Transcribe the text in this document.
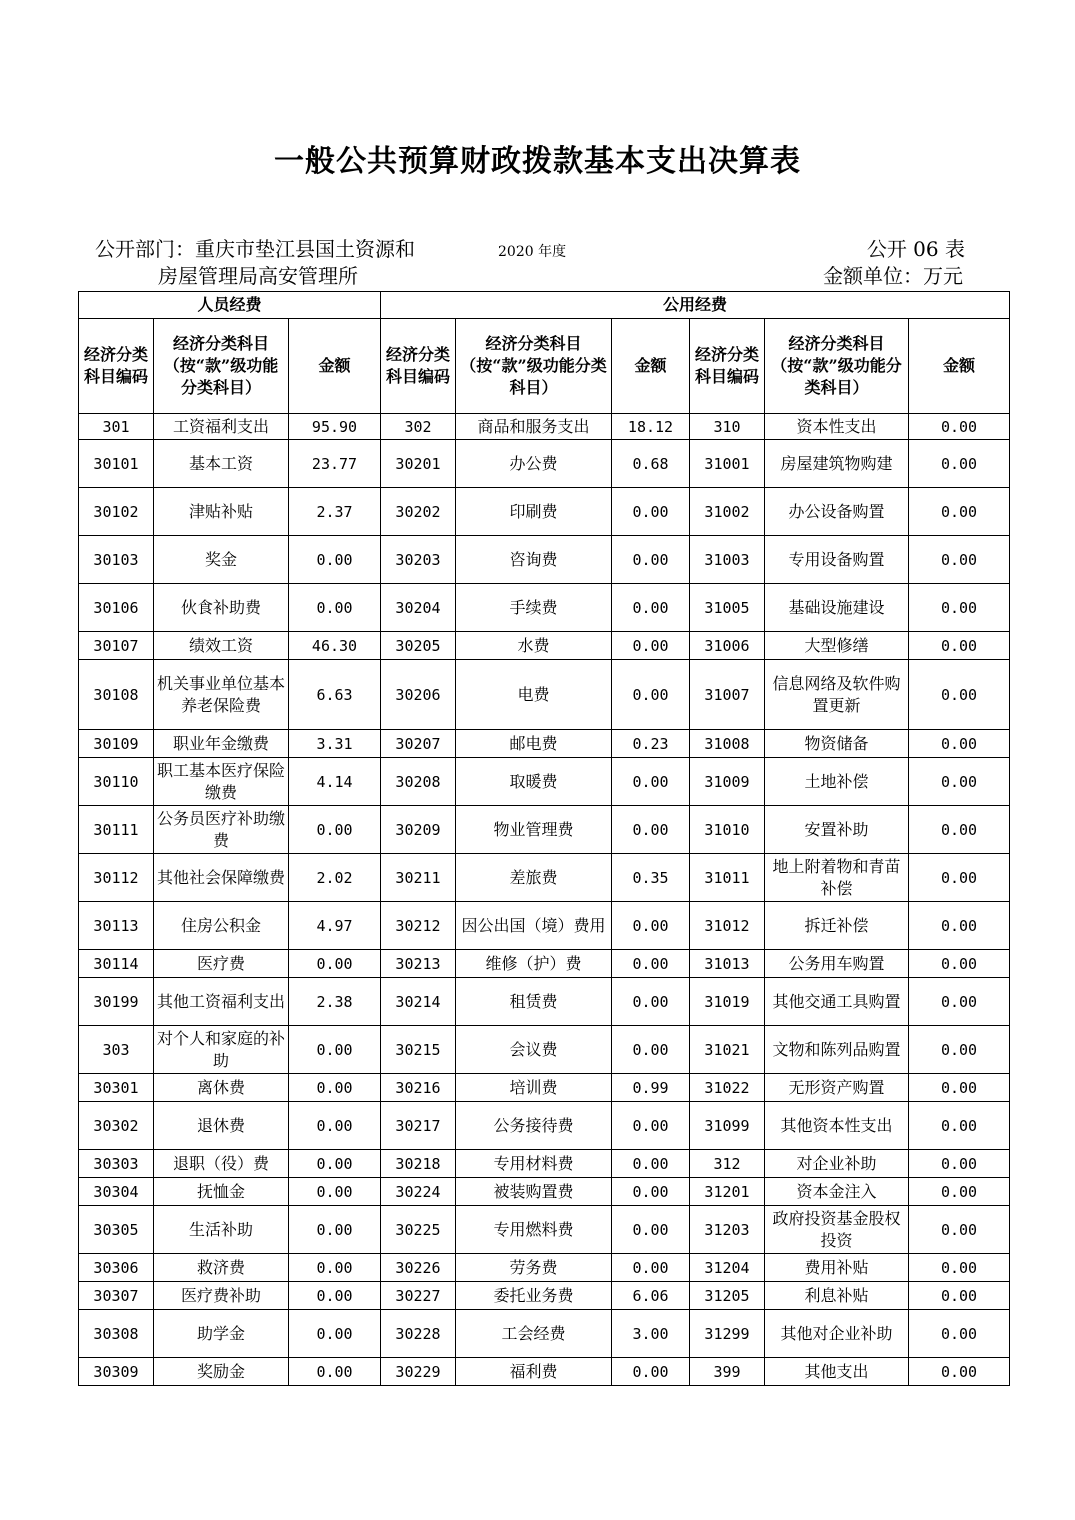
一般公共预算财政拨款基本支出决算表
公开部门：重庆市垫江县国土资源和
房屋管理局高安管理所
2020 年度	公开 06 表
金额单位：万元
人员经费			公用经费					
经济分类科目编码	经济分类科目（按“款”级功能分类科目）	金额	经济分类科目编码	经济分类科目（按“款”级功能分类科目）	金额	经济分类科目编码	经济分类科目（按“款”级功能分类科目）	金额
301	工资福利支出	95.90	302	商品和服务支出	18.12	310	资本性支出	0.00
30101	基本工资	23.77	30201	办公费	0.68	31001	房屋建筑物购建	0.00
30102	津贴补贴	2.37	30202	印刷费	0.00	31002	办公设备购置	0.00
30103	奖金	0.00	30203	咨询费	0.00	31003	专用设备购置	0.00
30106	伙食补助费	0.00	30204	手续费	0.00	31005	基础设施建设	0.00
30107	绩效工资	46.30	30205	水费	0.00	31006	大型修缮	0.00
30108	机关事业单位基本养老保险费	6.63	30206	电费	0.00	31007	信息网络及软件购置更新	0.00
30109	职业年金缴费	3.31	30207	邮电费	0.23	31008	物资储备	0.00
30110	职工基本医疗保险缴费	4.14	30208	取暖费	0.00	31009	土地补偿	0.00
30111	公务员医疗补助缴费	0.00	30209	物业管理费	0.00	31010	安置补助	0.00
30112	其他社会保障缴费	2.02	30211	差旅费	0.35	31011	地上附着物和青苗补偿	0.00
30113	住房公积金	4.97	30212	因公出国（境）费用	0.00	31012	拆迁补偿	0.00
30114	医疗费	0.00	30213	维修（护）费	0.00	31013	公务用车购置	0.00
30199	其他工资福利支出	2.38	30214	租赁费	0.00	31019	其他交通工具购置	0.00
303	对个人和家庭的补助	0.00	30215	会议费	0.00	31021	文物和陈列品购置	0.00
30301	离休费	0.00	30216	培训费	0.99	31022	无形资产购置	0.00
30302	退休费	0.00	30217	公务接待费	0.00	31099	其他资本性支出	0.00
30303	退职（役）费	0.00	30218	专用材料费	0.00	312	对企业补助	0.00
30304	抚恤金	0.00	30224	被装购置费	0.00	31201	资本金注入	0.00
30305	生活补助	0.00	30225	专用燃料费	0.00	31203	政府投资基金股权投资	0.00
30306	救济费	0.00	30226	劳务费	0.00	31204	费用补贴	0.00
30307	医疗费补助	0.00	30227	委托业务费	6.06	31205	利息补贴	0.00
30308	助学金	0.00	30228	工会经费	3.00	31299	其他对企业补助	0.00
30309	奖励金	0.00	30229	福利费	0.00	399	其他支出	0.00
